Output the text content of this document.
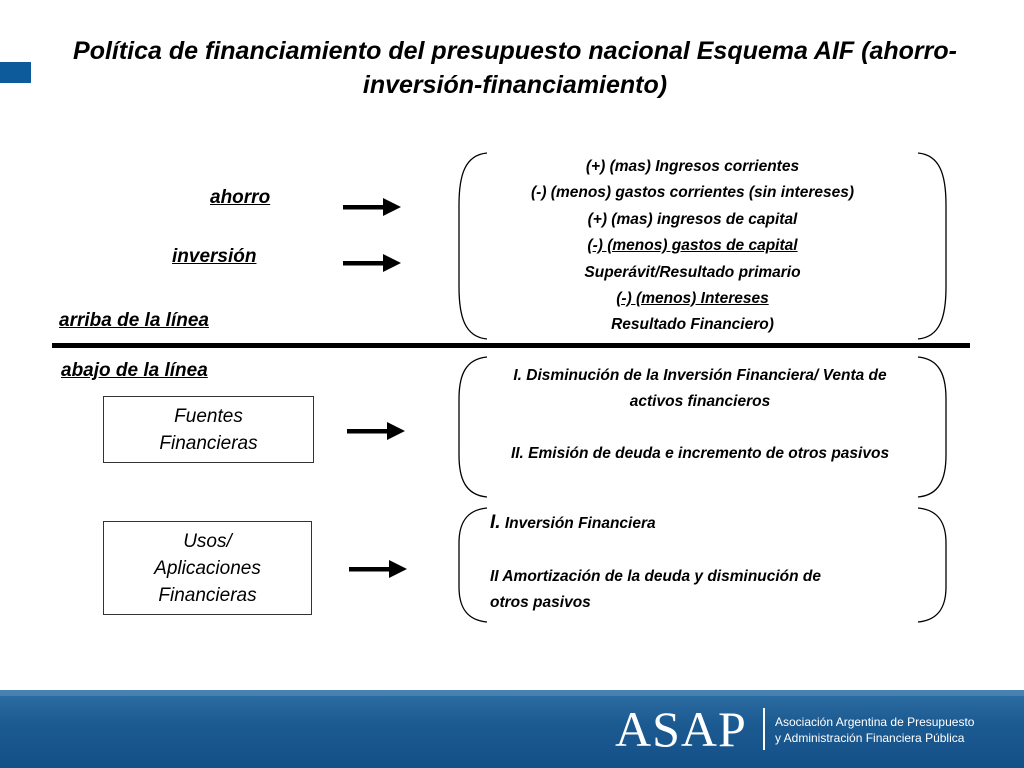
Política de financiamiento del presupuesto nacional Esquema AIF (ahorro-inversión-financiamiento)
ahorro
inversión
arriba de la línea
abajo de la línea
Fuentes
Financieras
Usos/
Aplicaciones
Financieras
(+) (mas) Ingresos corrientes
(-) (menos) gastos corrientes (sin intereses)
(+) (mas) ingresos de capital
(-) (menos) gastos de capital
Superávit/Resultado primario
(-) (menos) Intereses
Resultado Financiero)
I. Disminución de la Inversión Financiera/ Venta de
activos financieros
II. Emisión de deuda e incremento de otros pasivos
I. Inversión Financiera
II Amortización de la deuda y disminución de
otros pasivos
ASAP Asociación Argentina de Presupuesto
y Administración Financiera Pública
